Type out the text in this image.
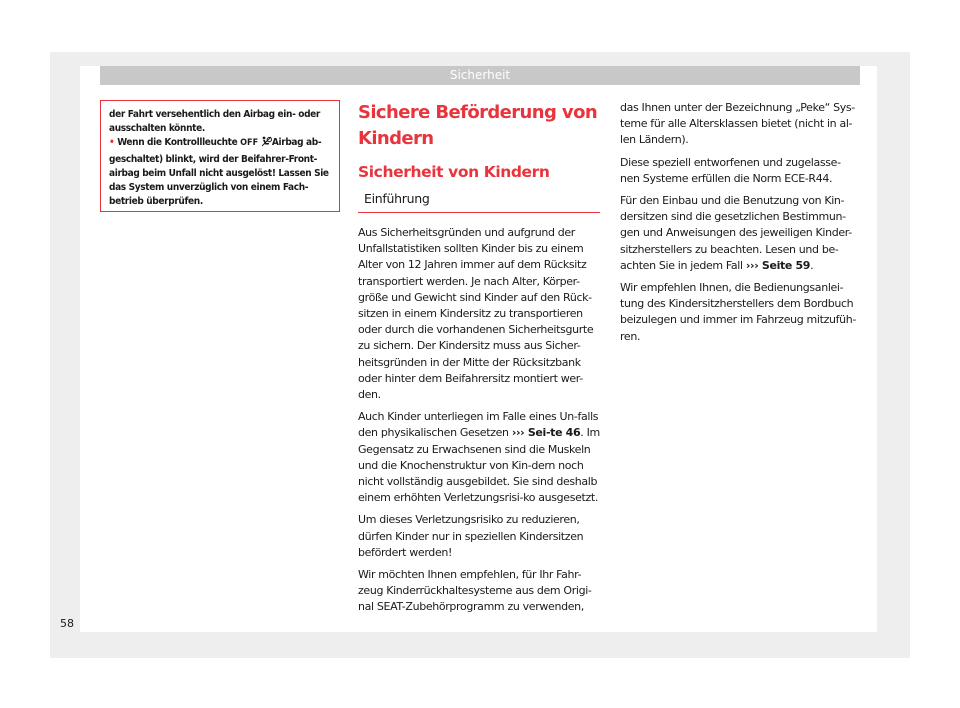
Sicherheit

der Fahrt versehentlich den Airbag ein- oder ausschalten könnte.

• Wenn die Kontrollleuchte OFF Airbag ab-geschaltet) blinkt, wird der Beifahrer-Front-airbag beim Unfall nicht ausgelöst! Lassen Sie das System unverzüglich von einem Fach-betrieb überprüfen.

Sichere Beförderung von
Kindern
Sicherheit von Kindern
Einführung

Aus Sicherheitsgründen und aufgrund der Unfallstatistiken sollten Kinder bis zu einem Alter von 12 Jahren immer auf dem Rücksitz transportiert werden. Je nach Alter, Körper-größe und Gewicht sind Kinder auf den Rück-sitzen in einem Kindersitz zu transportieren oder durch die vorhandenen Sicherheitsgurte zu sichern. Der Kindersitz muss aus Sicher-heitsgründen in der Mitte der Rücksitzbank oder hinter dem Beifahrersitz montiert wer-den.

Auch Kinder unterliegen im Falle eines Un-falls den physikalischen Gesetzen ››› Sei-te 46. Im Gegensatz zu Erwachsenen sind die Muskeln und die Knochenstruktur von Kin-dern noch nicht vollständig ausgebildet. Sie sind deshalb einem erhöhten Verletzungsrisi-ko ausgesetzt.

Um dieses Verletzungsrisiko zu reduzieren, dürfen Kinder nur in speziellen Kindersitzen befördert werden!

Wir möchten Ihnen empfehlen, für Ihr Fahr-zeug Kinderrückhaltesysteme aus dem Origi-nal SEAT-Zubehörprogramm zu verwenden,

das Ihnen unter der Bezeichnung „Peke“ Sys-teme für alle Altersklassen bietet (nicht in al-len Ländern).

Diese speziell entworfenen und zugelasse-nen Systeme erfüllen die Norm ECE-R44.

Für den Einbau und die Benutzung von Kin-dersitzen sind die gesetzlichen Bestimmun-gen und Anweisungen des jeweiligen Kinder-sitzherstellers zu beachten. Lesen und be-achten Sie in jedem Fall ››› Seite 59.

Wir empfehlen Ihnen, die Bedienungsanlei-tung des Kindersitzherstellers dem Bordbuch beizulegen und immer im Fahrzeug mitzufüh-ren.

58
